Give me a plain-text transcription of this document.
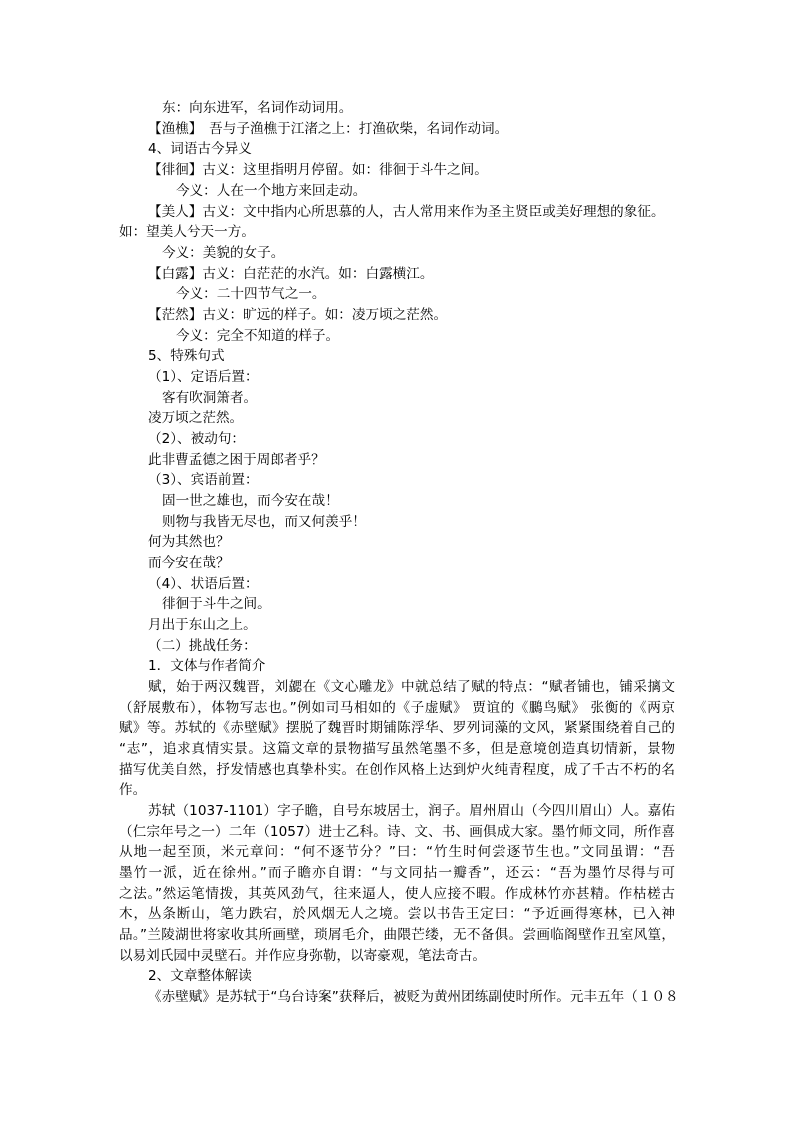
东：向东进军，名词作动词用。
【渔樵】　吾与子渔樵于江渚之上：打渔砍柴，名词作动词。
4、词语古今异义
【徘徊】古义：这里指明月停留。如：徘徊于斗牛之间。
今义：人在一个地方来回走动。
【美人】古义：文中指内心所思慕的人，古人常用来作为圣主贤臣或美好理想的象征。
如：望美人兮天一方。
今义：美貌的女子。
【白露】古义：白茫茫的水汽。如：白露横江。
今义：二十四节气之一。
【茫然】古义：旷远的样子。如：凌万顷之茫然。
今义：完全不知道的样子。
5、特殊句式
（1）、定语后置：
客有吹洞箫者。
凌万顷之茫然。
（2）、被动句：
此非曹孟德之困于周郎者乎？
（3）、宾语前置：
固一世之雄也，而今安在哉！
则物与我皆无尽也，而又何羡乎！
何为其然也？
而今安在哉？
（4）、状语后置：
徘徊于斗牛之间。
月出于东山之上。
（二）挑战任务：
1．文体与作者简介
赋，始于两汉魏晋，刘勰在《文心雕龙》中就总结了赋的特点：“赋者铺也，铺采摛文
（舒展敷布），体物写志也。”例如司马相如的《子虚赋》 贾谊的《鵩鸟赋》 张衡的《两京
赋》等。苏轼的《赤壁赋》摆脱了魏晋时期铺陈浮华、罗列词藻的文风，紧紧围绕着自己的
“志”，追求真情实景。这篇文章的景物描写虽然笔墨不多，但是意境创造真切情新，景物
描写优美自然，抒发情感也真挚朴实。在创作风格上达到炉火纯青程度，成了千古不朽的名
作。
苏轼（1037-1101）字子瞻，自号东坡居士，润子。眉州眉山（今四川眉山）人。嘉佑
（仁宗年号之一）二年（1057）进士乙科。诗、文、书、画俱成大家。墨竹师文同，所作喜
从地一起至顶，米元章问：“何不逐节分？”曰：“竹生时何尝逐节生也。”文同虽谓：“吾
墨竹一派，近在徐州。”而子瞻亦自谓：“与文同拈一瓣香”，还云：“吾为墨竹尽得与可
之法。”然运笔情拨，其英风劲气，往来逼人，使人应接不暇。作成林竹亦甚精。作枯槎古
木，丛条断山，笔力跌宕，於风烟无人之境。尝以书告王定曰：“予近画得寒林，已入神
品。”兰陵湖世将家收其所画壁，琐屑毛介，曲隈芒缕，无不备俱。尝画临阁壁作丑室风篁，
以易刘氏园中灵壁石。并作应身弥勒，以寄豪观，笔法奇古。
2、文章整体解读
《赤壁赋》是苏轼于“乌台诗案”获释后，被贬为黄州团练副使时所作。元丰五年（１０８
